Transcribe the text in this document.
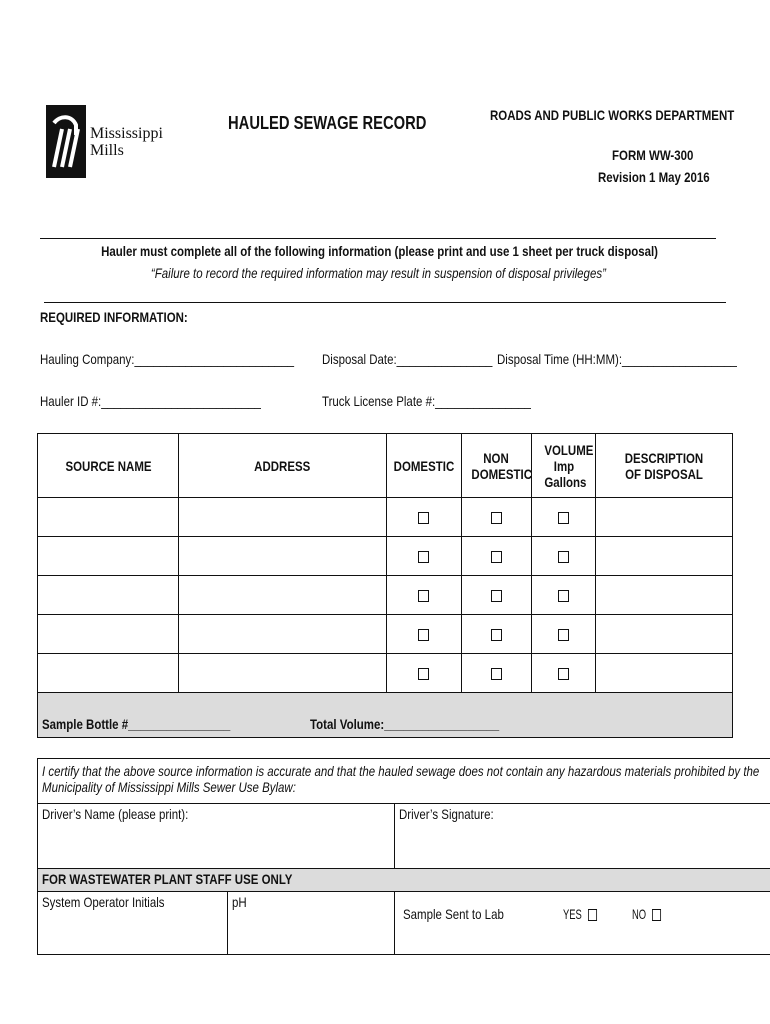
Mississippi
Mills
HAULED SEWAGE RECORD	ROADS AND PUBLIC WORKS DEPARTMENT
FORM WW-300
Revision 1 May 2016
Hauler must complete all of the following information (please print and use 1 sheet per truck disposal)
“Failure to record the required information may result in suspension of disposal privileges”
REQUIRED INFORMATION:
Hauling Company:_________________________ Disposal Date:_______________ Disposal Time (HH:MM):__________________
Hauler ID #:_________________________	Truck License Plate #:_______________
SOURCE NAME	ADDRESS	DOMESTIC	NON DOMESTIC	VOLUME Imp Gallons	DESCRIPTION OF DISPOSAL

Sample Bottle #________________ Total Volume:__________________					
I certify that the above source information is accurate and that the hauled sewage does not contain any hazardous materials prohibited by the
Municipality of Mississippi Mills Sewer Use Bylaw:		
Driver’s Name (please print):		Driver’s Signature:
FOR WASTEWATER PLANT STAFF USE ONLY		
System Operator Initials	pH	Sample Sent to Lab YES NO
